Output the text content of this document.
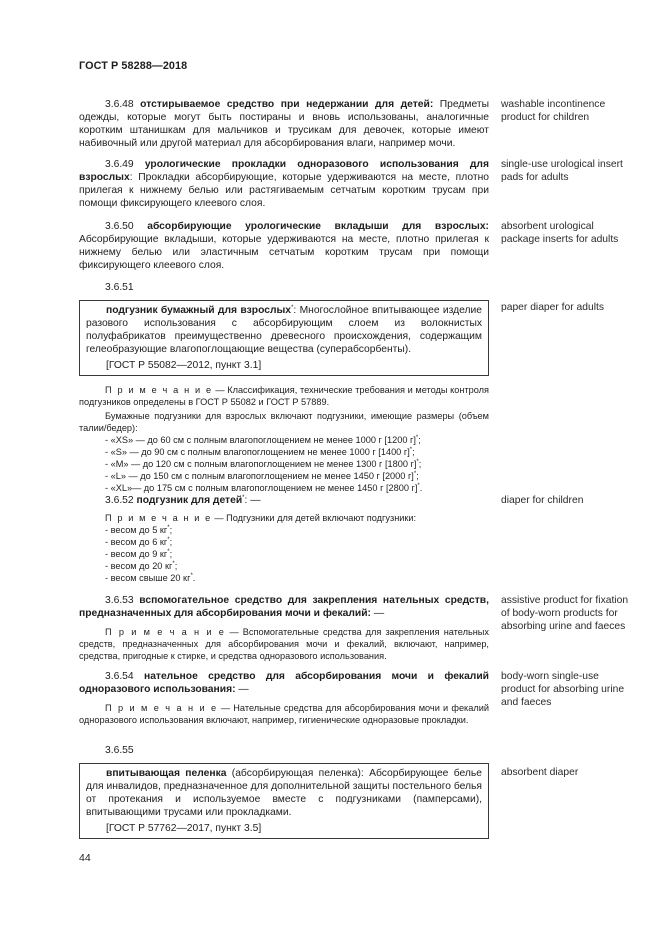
ГОСТ Р 58288—2018

3.6.48 отстирываемое средство при недержании для детей: Предметы одежды, которые могут быть постираны и вновь использованы, аналогичные коротким штанишкам для мальчиков и трусикам для девочек, которые имеют набивочный или другой материал для абсорбирования влаги, например мочи.

washable incontinence product for children

3.6.49 урологические прокладки одноразового использования для взрослых: Прокладки абсорбирующие, которые удерживаются на месте, плотно прилегая к нижнему белью или растягиваемым сетчатым коротким трусам при помощи фиксирующего клеевого слоя.

single-use urological insert pads for adults

3.6.50 абсорбирующие урологические вкладыши для взрослых: Абсорбирующие вкладыши, которые удерживаются на месте, плотно прилегая к нижнему белью или эластичным сетчатым коротким трусам при помощи фиксирующего клеевого слоя.

absorbent urological package inserts for adults
3.6.51

подгузник бумажный для взрослых*: Многослойное впитывающее изделие разового использования с абсорбирующим слоем из волокнистых полуфабрикатов преимущественно древесного происхождения, содержащим гелеобразующие влагопоглощающие вещества (суперабсорбенты).

[ГОСТ Р 55082—2012, пункт 3.1]

П р и м е ч а н и е — Классификация, технические требования и методы контроля подгузников определены в ГОСТ Р 55082 и ГОСТ Р 57889.

Бумажные подгузники для взрослых включают подгузники, имеющие размеры (объем талии/бедер):

- «XS» — до 60 см с полным влагопоглощением не менее 1000 г [1200 г]*;

- «S» — до 90 см с полным влагопоглощением не менее 1000 г [1400 г]*;

- «M» — до 120 см с полным влагопоглощением не менее 1300 г [1800 г]*;

- «L» — до 150 см с полным влагопоглощением не менее 1450 г [2000 г]*;

- «XL»— до 175 см с полным влагопоглощением не менее 1450 г [2800 г]*.

paper diaper for adults

3.6.52 подгузник для детей*: —

П р и м е ч а н и е — Подгузники для детей включают подгузники:

- весом до 5 кг*;

- весом до 6 кг*;

- весом до 9 кг*;

- весом до 20 кг*;

- весом свыше 20 кг*.

diaper for children

3.6.53 вспомогательное средство для закрепления нательных средств, предназначенных для абсорбирования мочи и фекалий: —

П р и м е ч а н и е — Вспомогательные средства для закрепления нательных средств, предназначенных для абсорбирования мочи и фекалий, включают, например, средства, пригодные к стирке, и средства одноразового использования.

assistive product for fixation of body-worn products for absorbing urine and faeces

3.6.54 нательное средство для абсорбирования мочи и фекалий одноразового использования: —

П р и м е ч а н и е — Нательные средства для абсорбирования мочи и фекалий одноразового использования включают, например, гигиенические одноразовые прокладки.

body-worn single-use product for absorbing urine and faeces
3.6.55

впитывающая пеленка (абсорбирующая пеленка): Абсорбирующее белье для инвалидов, предназначенное для дополнительной защиты постельного белья от протекания и используемое вместе с подгузниками (памперсами), впитывающими трусами или прокладками.

[ГОСТ Р 57762—2017, пункт 3.5]
absorbent diaper
44
